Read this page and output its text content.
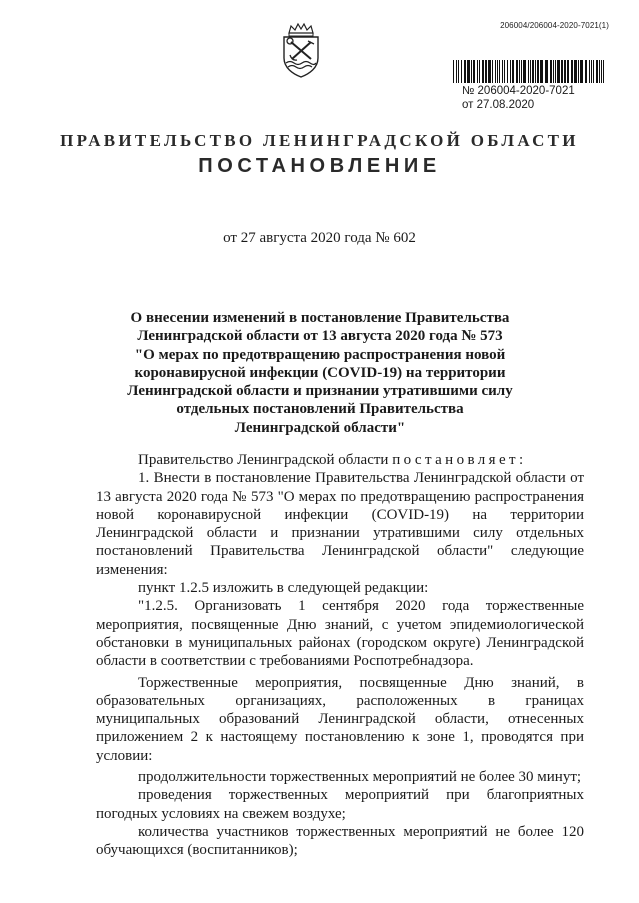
206004/206004-2020-7021(1)
№ 206004-2020-7021
от 27.08.2020
ПРАВИТЕЛЬСТВО ЛЕНИНГРАДСКОЙ ОБЛАСТИ
ПОСТАНОВЛЕНИЕ
от 27 августа 2020 года № 602
О внесении изменений в постановление Правительства
Ленинградской области от 13 августа 2020 года № 573
"О мерах по предотвращению распространения новой
коронавирусной инфекции (COVID-19) на территории
Ленинградской области и признании утратившими силу
отдельных постановлений Правительства
Ленинградской области"

Правительство Ленинградской области постановляет:

1. Внести в постановление Правительства Ленинградской области от 13 августа 2020 года № 573 "О мерах по предотвращению распространения новой коронавирусной инфекции (COVID-19) на территории Ленинградской области и признании утратившими силу отдельных постановлений Правительства Ленинградской области" следующие изменения:

пункт 1.2.5 изложить в следующей редакции:

"1.2.5. Организовать 1 сентября 2020 года торжественные мероприятия, посвященные Дню знаний, с учетом эпидемиологической обстановки в муниципальных районах (городском округе) Ленинградской области в соответствии с требованиями Роспотребнадзора.

Торжественные мероприятия, посвященные Дню знаний, в образовательных организациях, расположенных в границах муниципальных образований Ленинградской области, отнесенных приложением 2 к настоящему постановлению к зоне 1, проводятся при условии:

продолжительности торжественных мероприятий не более 30 минут;

проведения торжественных мероприятий при благоприятных погодных условиях на свежем воздухе;

количества участников торжественных мероприятий не более 120 обучающихся (воспитанников);
